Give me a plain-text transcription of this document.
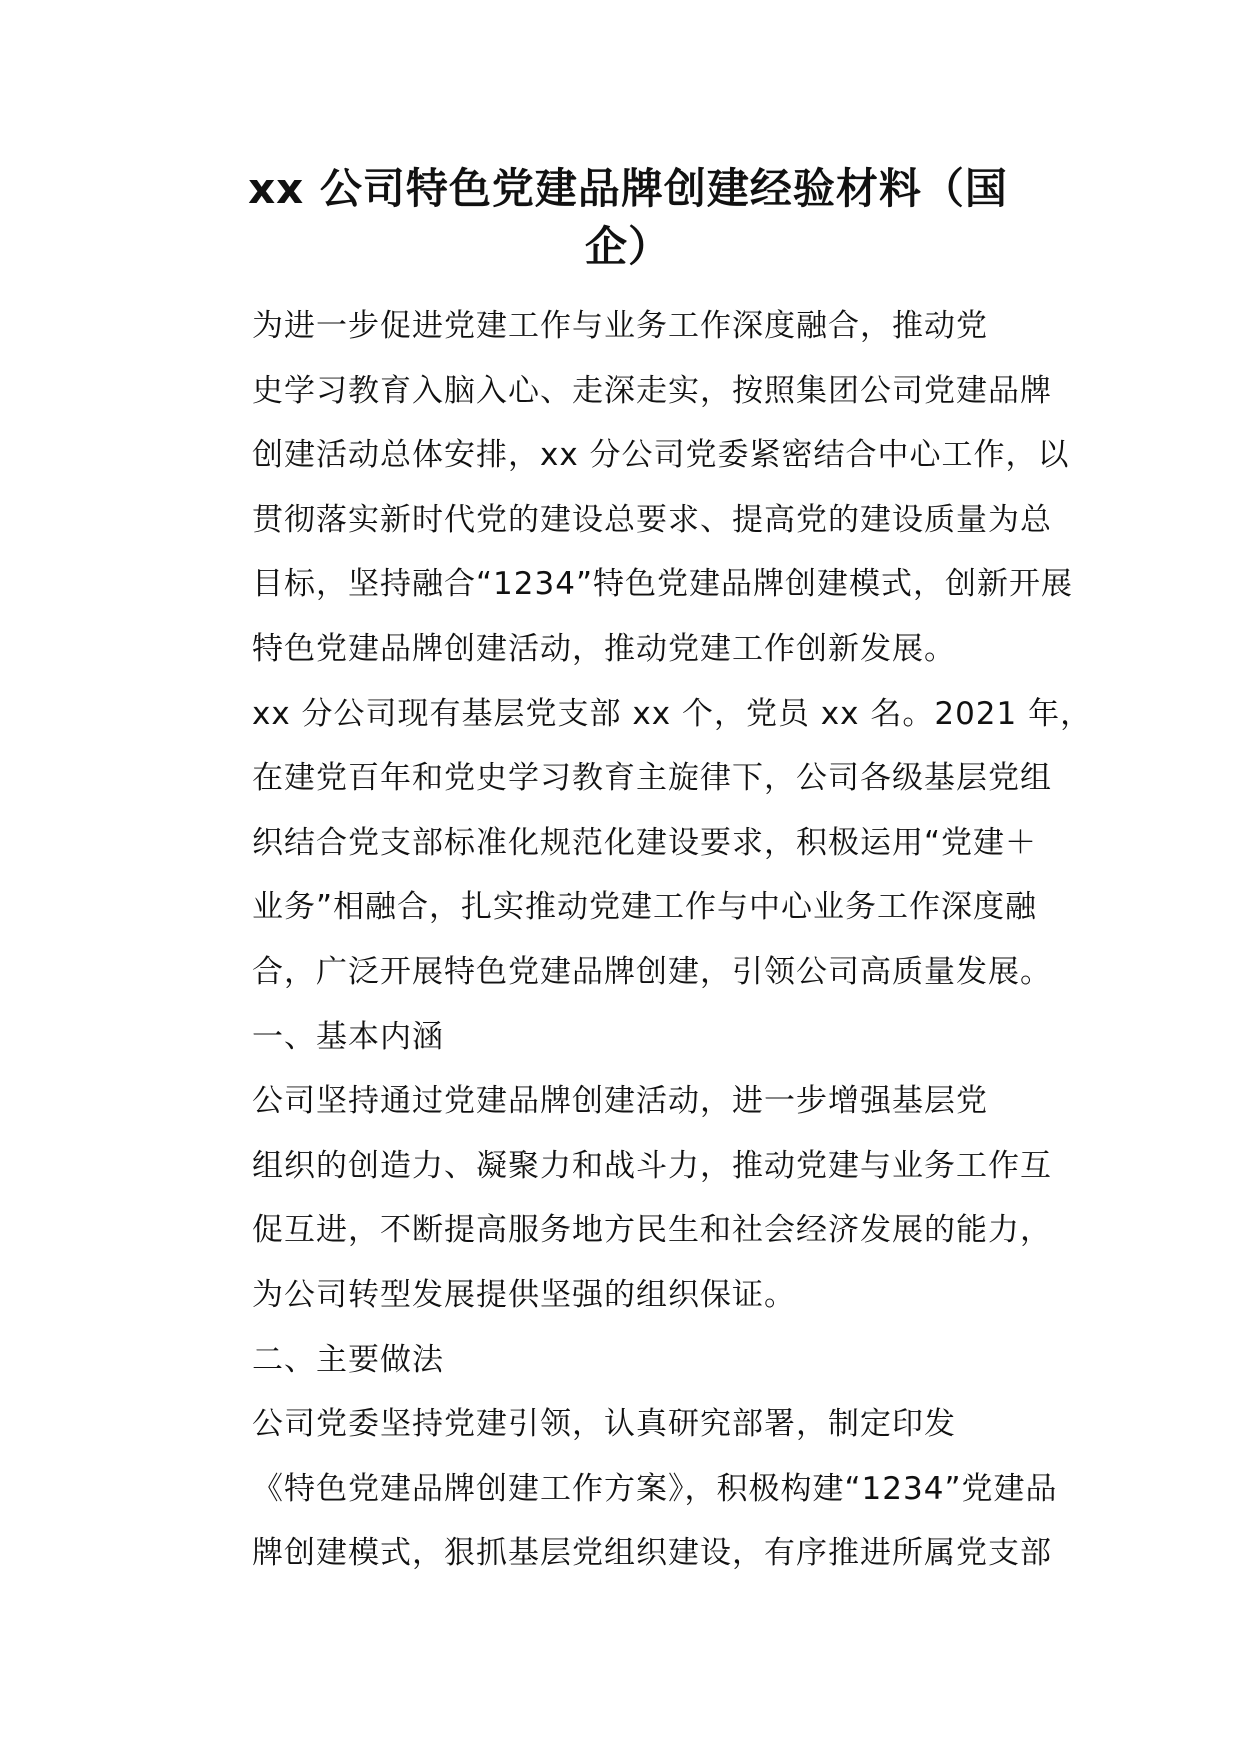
xx 公司特色党建品牌创建经验材料（国
企）

为进一步促进党建工作与业务工作深度融合，推动党
史学习教育入脑入心、走深走实，按照集团公司党建品牌
创建活动总体安排，xx 分公司党委紧密结合中心工作，以
贯彻落实新时代党的建设总要求、提高党的建设质量为总
目标，坚持融合“1234”特色党建品牌创建模式，创新开展
特色党建品牌创建活动，推动党建工作创新发展。

xx 分公司现有基层党支部 xx 个，党员 xx 名。2021 年，
在建党百年和党史学习教育主旋律下，公司各级基层党组
织结合党支部标准化规范化建设要求，积极运用“党建＋
业务”相融合，扎实推动党建工作与中心业务工作深度融
合，广泛开展特色党建品牌创建，引领公司高质量发展。

一、基本内涵

公司坚持通过党建品牌创建活动，进一步增强基层党
组织的创造力、凝聚力和战斗力，推动党建与业务工作互
促互进，不断提高服务地方民生和社会经济发展的能力，
为公司转型发展提供坚强的组织保证。

二、主要做法

公司党委坚持党建引领，认真研究部署，制定印发
《特色党建品牌创建工作方案》，积极构建“1234”党建品
牌创建模式，狠抓基层党组织建设，有序推进所属党支部
